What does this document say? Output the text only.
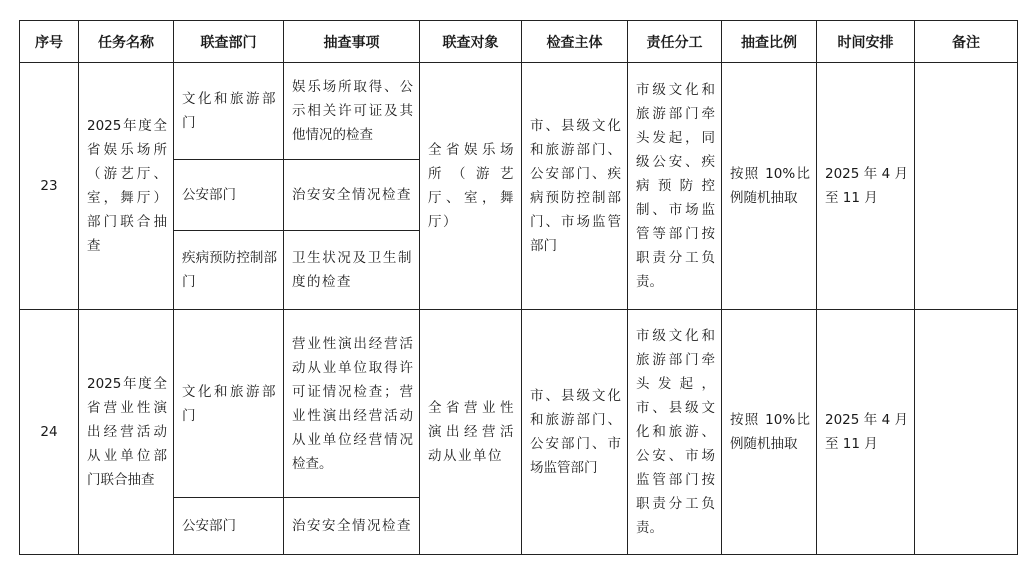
序号	任务名称	联查部门	抽查事项	联查对象	检查主体	责任分工	抽查比例	时间安排	备注

23	2025年度全省娱乐场所（游艺厅、室，舞厅）部门联合抽查	文化和旅游部门	娱乐场所取得、公示相关许可证及其他情况的检查	全省娱乐场所（游艺厅、室，舞厅）	市、县级文化和旅游部门、公安部门、疾病预防控制部门、市场监管部门	市级文化和旅游部门牵头发起，同级公安、疾病预防控制、市场监管等部门按职责分工负责。	按照 10%比例随机抽取	2025 年 4 月至 11 月	

		公安部门	治安安全情况检查						

		疾病预防控制部门	卫生状况及卫生制度的检查						

24	2025年度全省营业性演出经营活动从业单位部门联合抽查	文化和旅游部门	营业性演出经营活动从业单位取得许可证情况检查；营业性演出经营活动从业单位经营情况检查。	全省营业性演出经营活动从业单位	市、县级文化和旅游部门、公安部门、市场监管部门	市级文化和旅游部门牵头发起，市、县级文化和旅游、公安、市场监管部门按职责分工负责。	按照 10%比例随机抽取	2025 年 4 月至 11 月	

		公安部门	治安安全情况检查						
